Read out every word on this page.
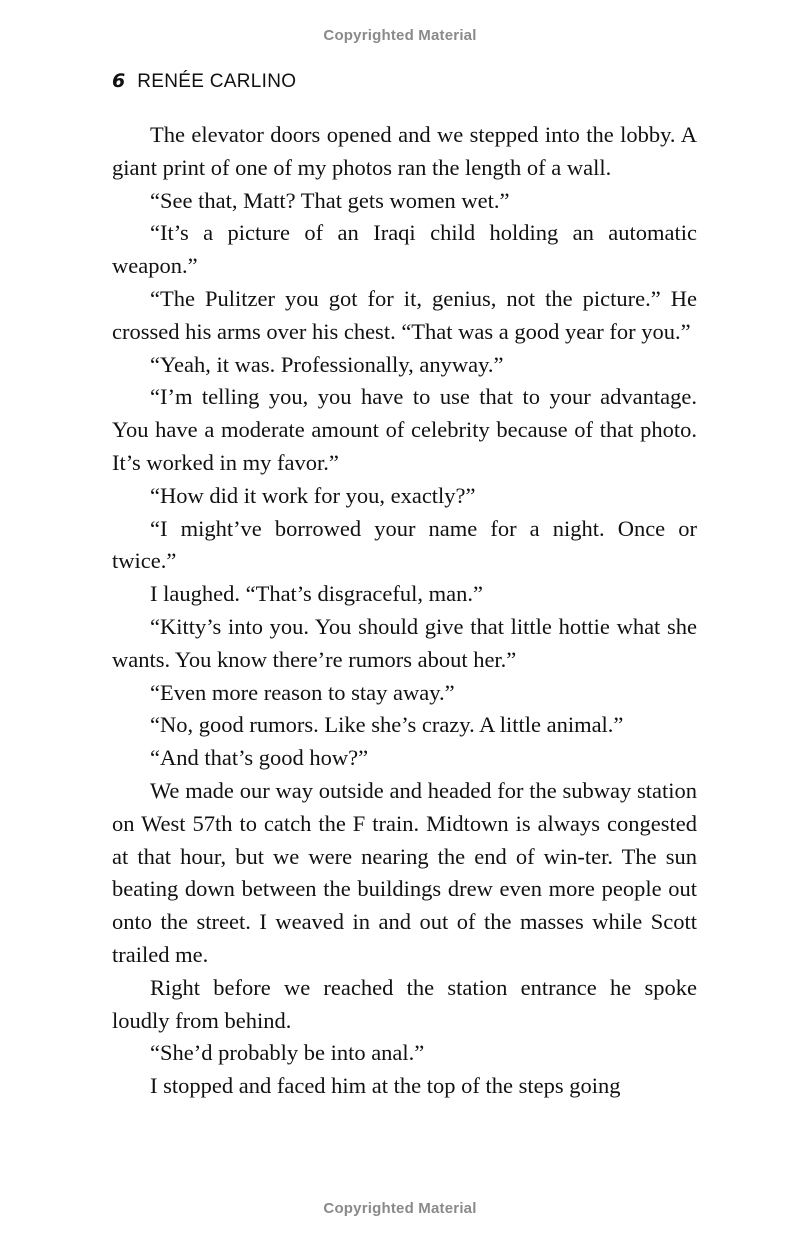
Copyrighted Material
6 RENÉE CARLINO

The elevator doors opened and we stepped into the lobby. A giant print of one of my photos ran the length of a wall.

“See that, Matt? That gets women wet.”

“It’s a picture of an Iraqi child holding an automatic weapon.”

“The Pulitzer you got for it, genius, not the picture.” He crossed his arms over his chest. “That was a good year for you.”

“Yeah, it was. Professionally, anyway.”

“I’m telling you, you have to use that to your advantage. You have a moderate amount of celebrity because of that photo. It’s worked in my favor.”

“How did it work for you, exactly?”

“I might’ve borrowed your name for a night. Once or twice.”

I laughed. “That’s disgraceful, man.”

“Kitty’s into you. You should give that little hottie what she wants. You know there’re rumors about her.”

“Even more reason to stay away.”

“No, good rumors. Like she’s crazy. A little animal.”

“And that’s good how?”

We made our way outside and headed for the subway station on West 57th to catch the F train. Midtown is always congested at that hour, but we were nearing the end of win-ter. The sun beating down between the buildings drew even more people out onto the street. I weaved in and out of the masses while Scott trailed me.

Right before we reached the station entrance he spoke loudly from behind.

“She’d probably be into anal.”

I stopped and faced him at the top of the steps going

Copyrighted Material
